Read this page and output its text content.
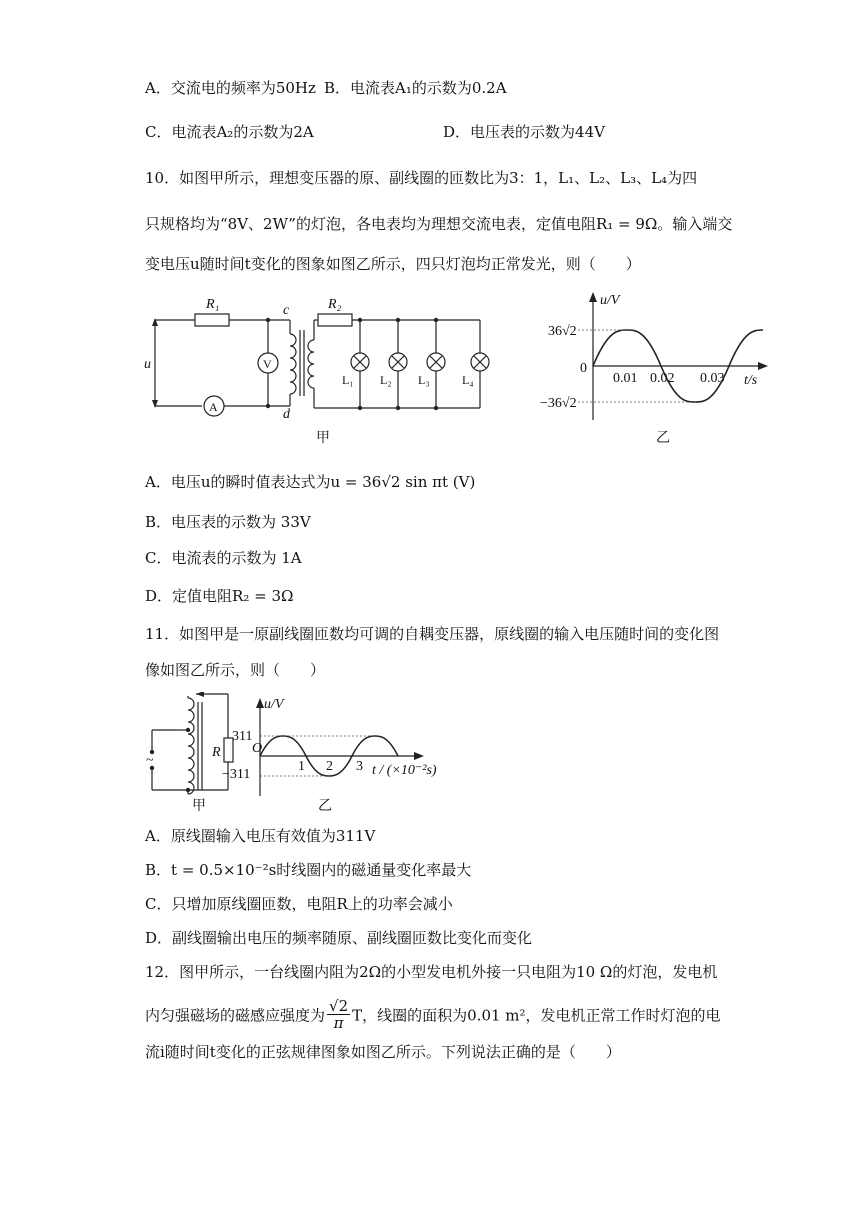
A．交流电的频率为50Hz B．电流表A₁的示数为0.2A
C．电流表A₂的示数为2A	D．电压表的示数为44V
10．如图甲所示，理想变压器的原、副线圈的匝数比为3：1，L₁、L₂、L₃、L₄为四
只规格均为“8V、2W”的灯泡，各电表均为理想交流电表，定值电阻R₁ = 9Ω。输入端交
变电压u随时间t变化的图象如图乙所示，四只灯泡均正常发光，则（　　）
R₁	R₂
c
d
u	V
A
L₁ L₂ L₃	L₄
甲
u/V
t/s
36√2
−36√2
0
0.01 0.02 0.03
乙
A．电压u的瞬时值表达式为u = 36√2 sin πt (V)
B．电压表的示数为 33V
C．电流表的示数为 1A
D．定值电阻R₂ = 3Ω
11．如图甲是一原副线圈匝数均可调的自耦变压器，原线圈的输入电压随时间的变化图
像如图乙所示，则（　　）
~
R
u/V
O
311
−311
1 2 3 t / (×10⁻²s)
甲	乙
A．原线圈输入电压有效值为311V
B．t = 0.5×10⁻²s时线圈内的磁通量变化率最大
C．只增加原线圈匝数，电阻R上的功率会减小
D．副线圈输出电压的频率随原、副线圈匝数比变化而变化
12．图甲所示，一台线圈内阻为2Ω的小型发电机外接一只电阻为10 Ω的灯泡，发电机
内匀强磁场的磁感应强度为 $\frac{√2}{\pi}$ T，线圈的面积为0.01 m²，发电机正常工作时灯泡的电
流i随时间t变化的正弦规律图象如图乙所示。下列说法正确的是（　　）
